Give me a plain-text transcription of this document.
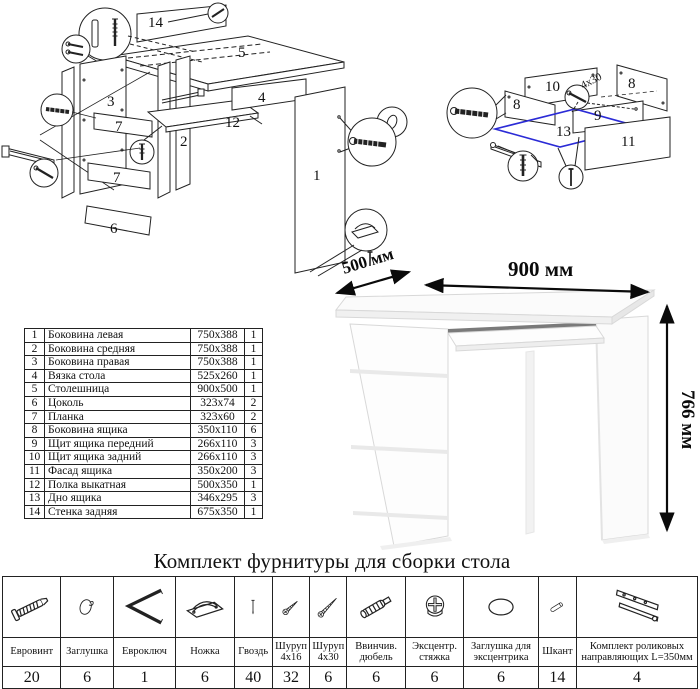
14
5
3
7
2
12
4
1
7
6
10	8
8
9
13
11
4x30
500 мм	900 мм
766 мм
1	Боковина левая	750x388	1
2	Боковина средняя	750x388	1
3	Боковина правая	750x388	1
4	Вязка стола	525x260	1
5	Столешница	900x500	1
6	Цоколь	323x74	2
7	Планка	323x60	2
8	Боковина ящика	350x110	6
9	Щит ящика передний	266x110	3
10	Щит ящика задний	266x110	3
11	Фасад ящика	350x200	3
12	Полка выкатная	500x350	1
13	Дно ящика	346x295	3
14	Стенка задняя	675x350	1
Комплект фурнитуры для сборки стола

Евровинт	Заглушка	Евроключ	Ножка	Гвоздь	Шуруп 4x16	Шуруп 4x30	Ввинчив. дюбель	Эксцентр. стяжка	Заглушка для эксцентрика	Шкант	Комплект роликовых направляющих L=350мм
20	6	1	6	40	32	6	6	6	6	14	4
